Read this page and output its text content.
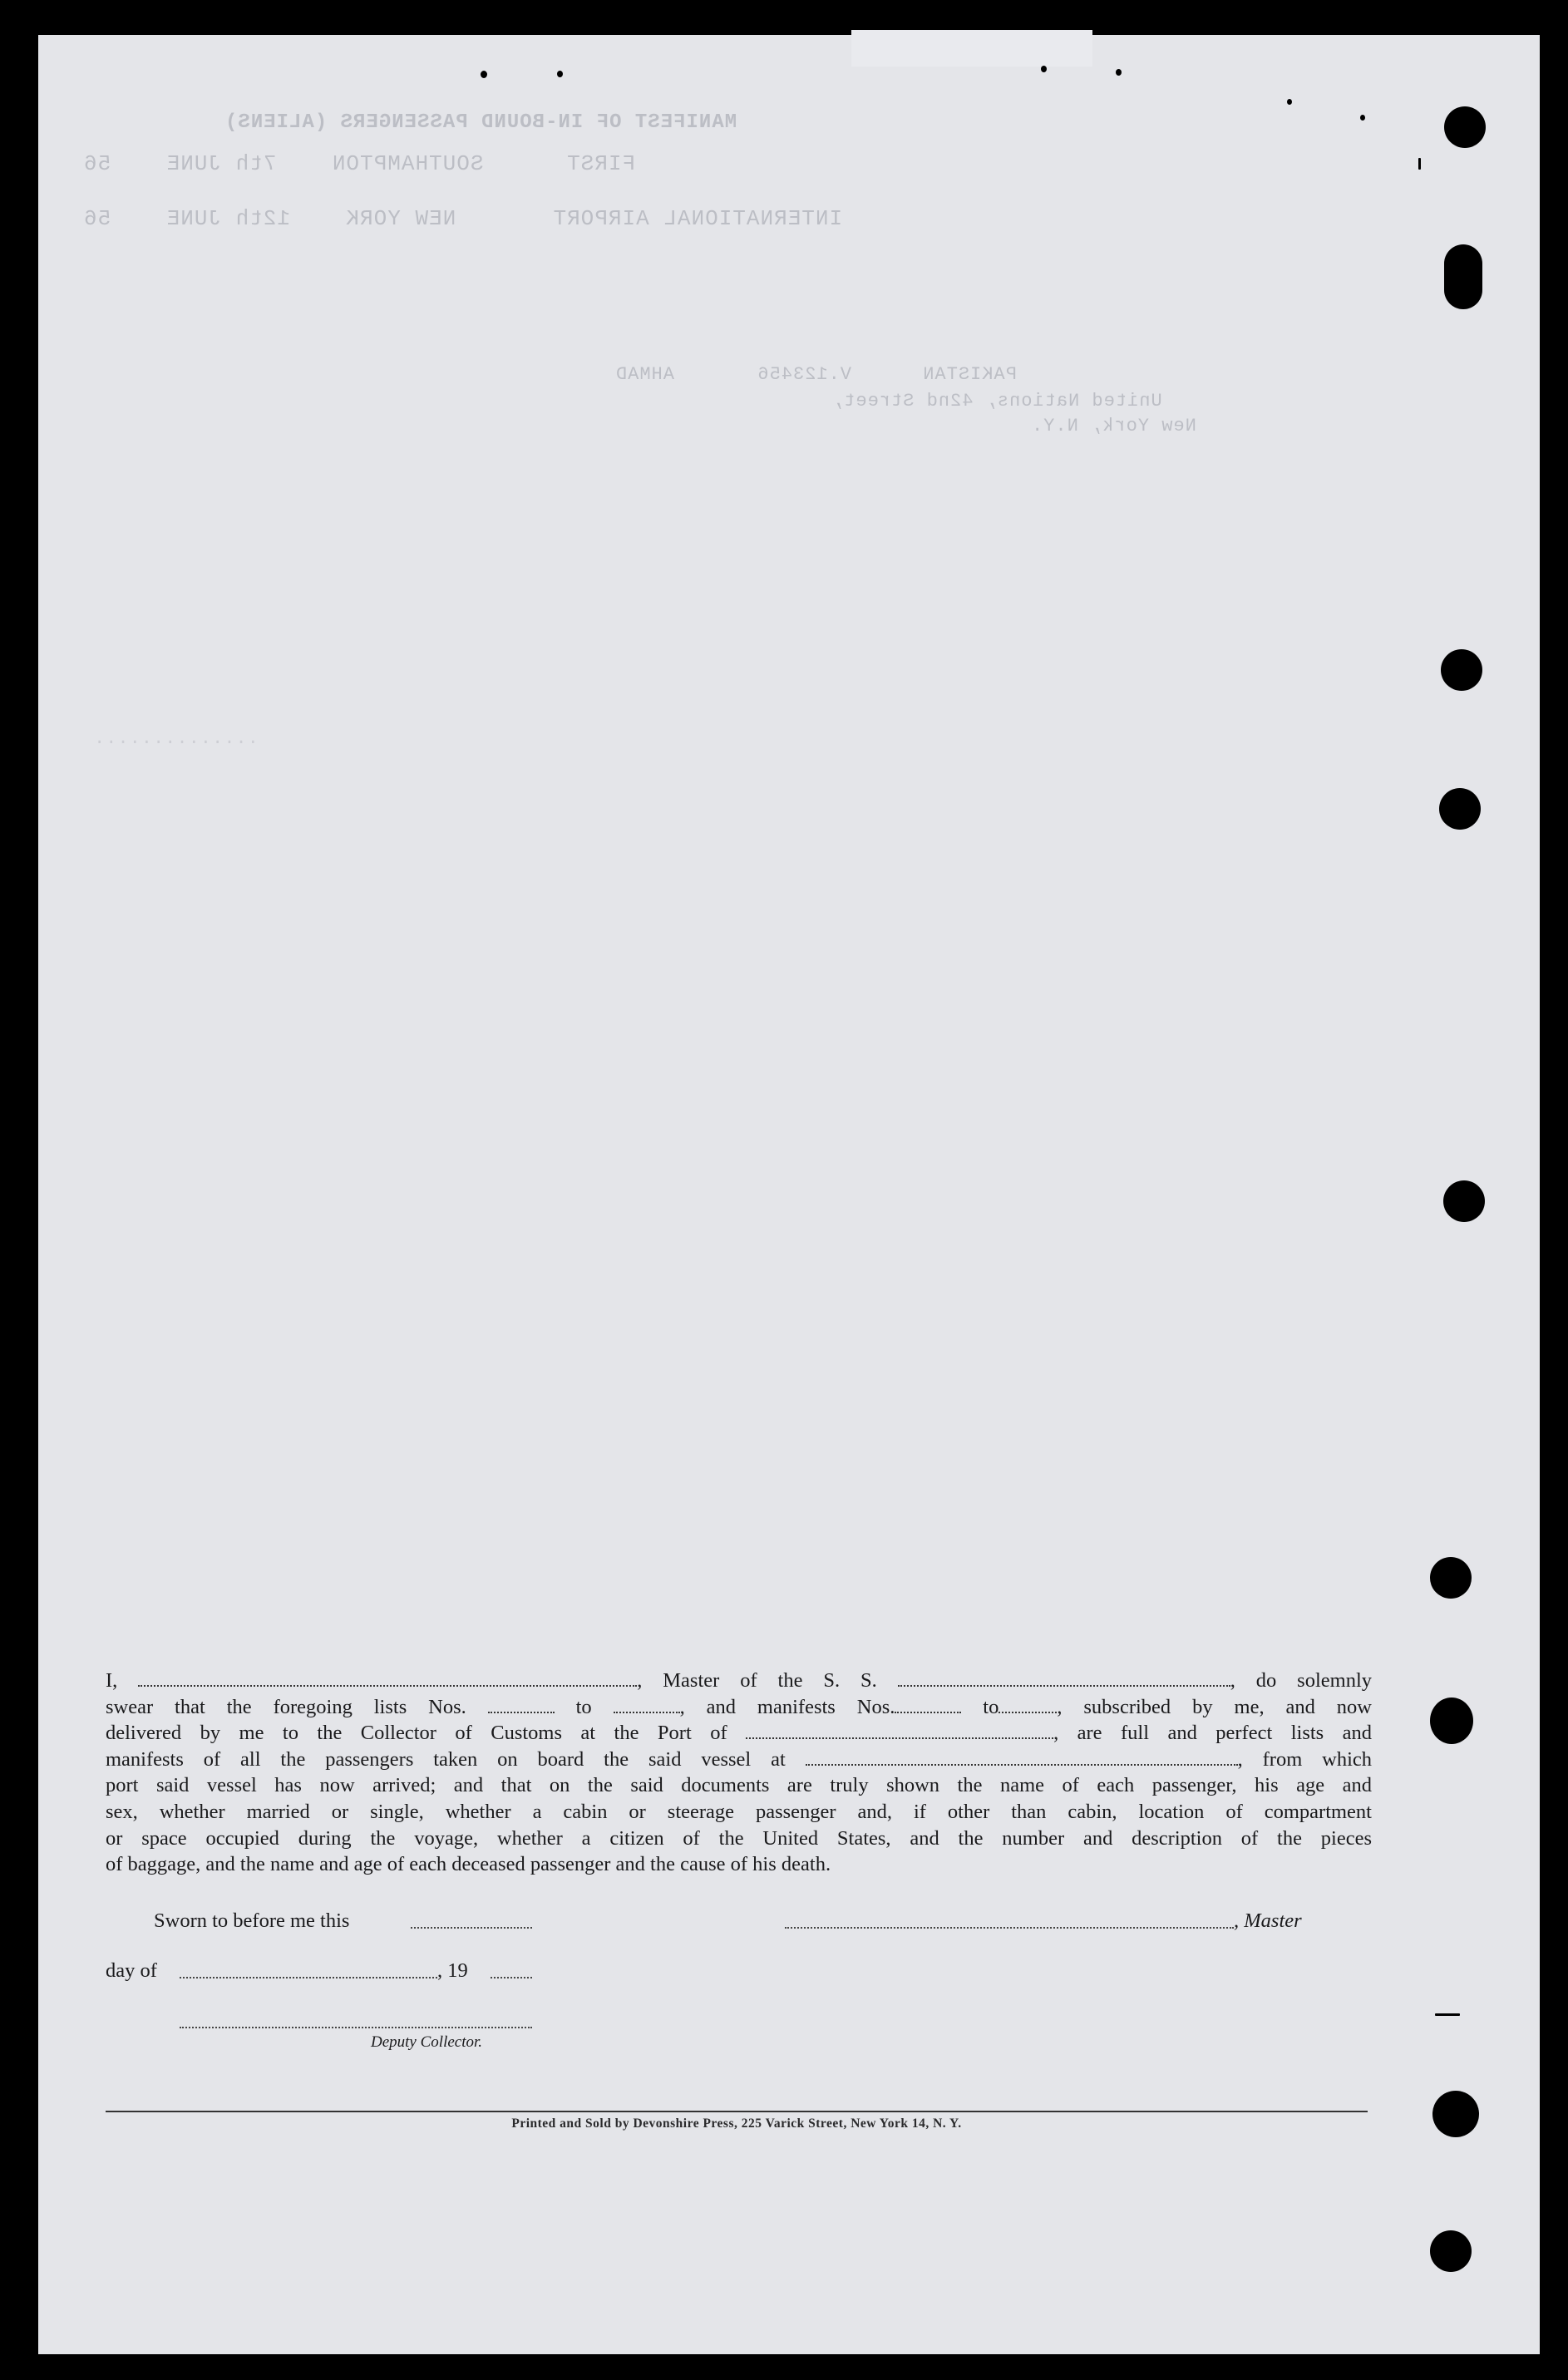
MANIFEST OF IN-BOUND PASSENGERS (ALIENS)
FIRST      SOUTHAMPTON    7th JUNE    56
INTERNATIONAL AIRPORT       NEW YORK    12th JUNE    56
PAKISTAN      V.123456       AHMAD
United Nations, 42nd Street,
New York, N.Y.
..............
I,	, Master of the S. S.	, do solemnly
swear that the foregoing lists Nos.	to	, and manifests Nos.	to	, subscribed by me, and now
delivered by me to the Collector of Customs at the Port of	, are full and perfect lists and
manifests of all the passengers taken on board the said vessel at	, from which
port said vessel has now arrived; and that on the said documents are truly shown the name of each passenger, his age and
sex, whether married or single, whether a cabin or steerage passenger and, if other than cabin, location of compartment
or space occupied during the voyage, whether a citizen of the United States, and the number and description of the pieces
of baggage, and the name and age of each deceased passenger and the cause of his death.
Sworn to before me this	, Master
day of	, 19
Deputy Collector.
Printed and Sold by Devonshire Press, 225 Varick Street, New York 14, N. Y.
